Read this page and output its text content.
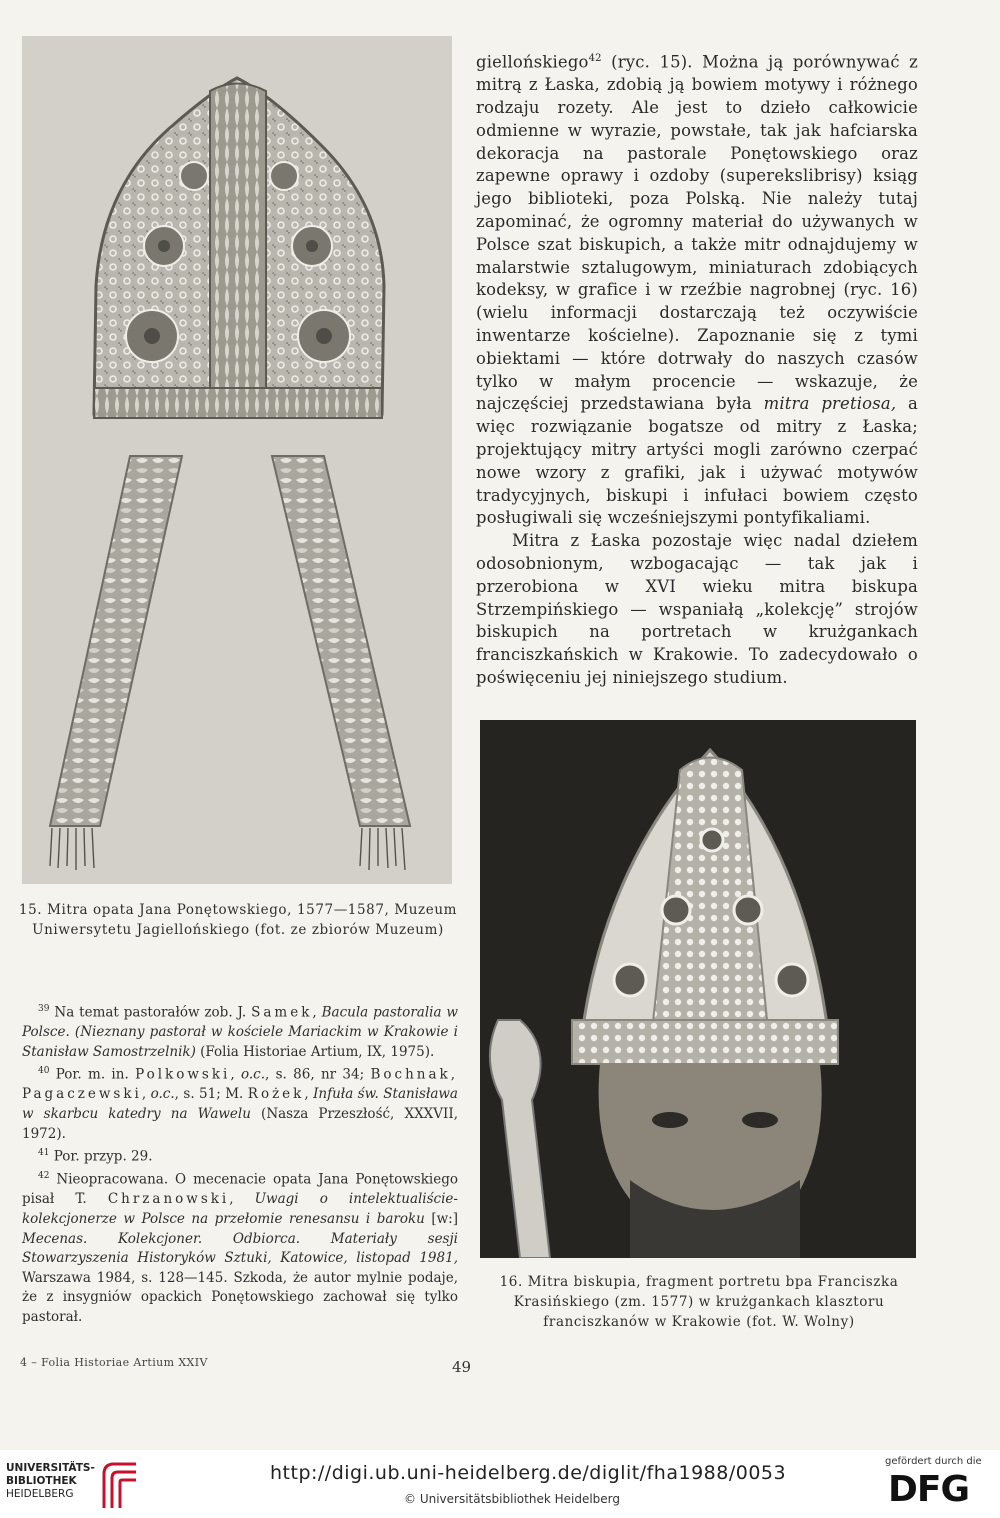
15. Mitra opata Jana Ponętowskiego, 1577—1587, Muzeum Uniwersytetu Jagiellońskiego (fot. ze zbiorów Muzeum)

$^{39}$ Na temat pastorałów zob. J. Samek, Bacula pastoralia w Polsce. (Nieznany pastorał w kościele Mariackim w Krakowie i Stanisław Samostrzelnik) (Folia Historiae Artium, IX, 1975).

$^{40}$ Por. m. in. Polkowski, o.c., s. 86, nr 34; Bochnak, Pagaczewski, o.c., s. 51; M. Rożek, Infuła św. Stanisława w skarbcu katedry na Wawelu (Nasza Przeszłość, XXXVII, 1972).

$^{41}$ Por. przyp. 29.

$^{42}$ Nieopracowana. O mecenacie opata Jana Ponętowskiego pisał T. Chrzanowski, Uwagi o intelektualiście-kolekcjonerze w Polsce na przełomie renesansu i baroku [w:] Mecenas. Kolekcjoner. Odbiorca. Materiały sesji Stowarzyszenia Historyków Sztuki, Katowice, listopad 1981, Warszawa 1984, s. 128—145. Szkoda, że autor mylnie podaje, że z insygniów opackich Ponętowskiego zachował się tylko pastorał.

giellońskiego$^{42}$ (ryc. 15). Można ją porównywać z mitrą z Łaska, zdobią ją bowiem motywy i różnego rodzaju rozety. Ale jest to dzieło całkowicie odmienne w wyrazie, powstałe, tak jak hafciarska dekoracja na pastorale Ponętowskiego oraz zapewne oprawy i ozdoby (superekslibrisy) ksiąg jego biblioteki, poza Polską. Nie należy tutaj zapominać, że ogromny materiał do używanych w Polsce szat biskupich, a także mitr odnajdujemy w malarstwie sztalugowym, miniaturach zdobiących kodeksy, w grafice i w rzeźbie nagrobnej (ryc. 16) (wielu informacji dostarczają też oczywiście inwentarze kościelne). Zapoznanie się z tymi obiektami — które dotrwały do naszych czasów tylko w małym procencie — wskazuje, że najczęściej przedstawiana była mitra pretiosa, a więc rozwiązanie bogatsze od mitry z Łaska; projektujący mitry artyści mogli zarówno czerpać nowe wzory z grafiki, jak i używać motywów tradycyjnych, biskupi i infułaci bowiem często posługiwali się wcześniejszymi pontyfikaliami.

Mitra z Łaska pozostaje więc nadal dziełem odosobnionym, wzbogacając — tak jak i przerobiona w XVI wieku mitra biskupa Strzempińskiego — wspaniałą „kolekcję” strojów biskupich na portretach w krużgankach franciszkańskich w Krakowie. To zadecydowało o poświęceniu jej niniejszego studium.

16. Mitra biskupia, fragment portretu bpa Franciszka Krasińskiego (zm. 1577) w krużgankach klasztoru franciszkanów w Krakowie (fot. W. Wolny)
4 – Folia Historiae Artium XXIV	49
UNIVERSITÄTS-
BIBLIOTHEK
HEIDELBERG
http://digi.ub.uni-heidelberg.de/diglit/fha1988/0053
© Universitätsbibliothek Heidelberg
gefördert durch die
DFG
